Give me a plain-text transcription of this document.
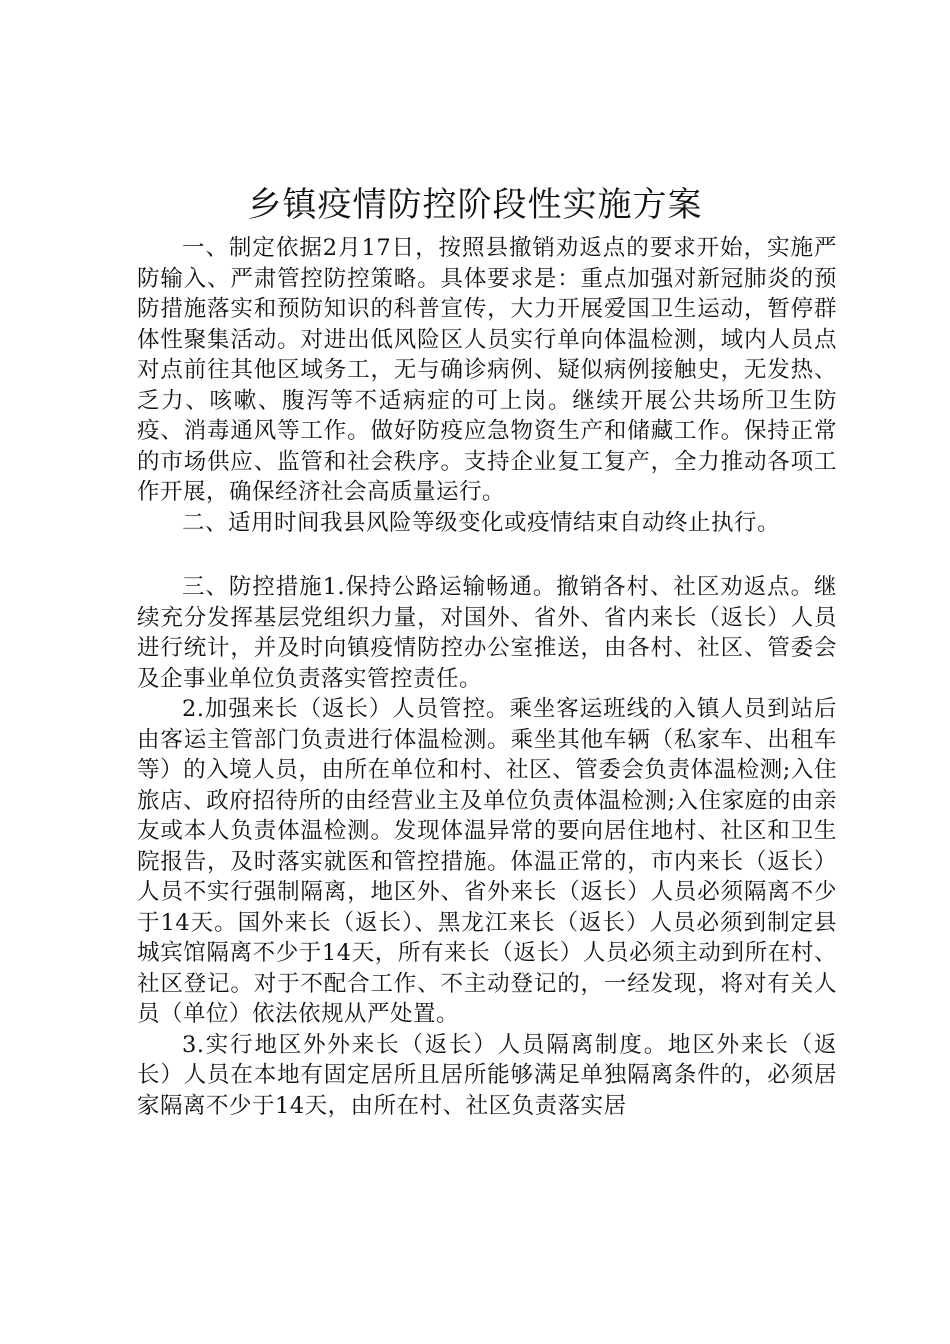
乡镇疫情防控阶段性实施方案

一、制定依据2月17日，按照县撤销劝返点的要求开始，实施严防输入、严肃管控防控策略。具体要求是：重点加强对新冠肺炎的预防措施落实和预防知识的科普宣传，大力开展爱国卫生运动，暂停群体性聚集活动。对进出低风险区人员实行单向体温检测，域内人员点对点前往其他区域务工，无与确诊病例、疑似病例接触史，无发热、乏力、咳嗽、腹泻等不适病症的可上岗。继续开展公共场所卫生防疫、消毒通风等工作。做好防疫应急物资生产和储藏工作。保持正常的市场供应、监管和社会秩序。支持企业复工复产，全力推动各项工作开展，确保经济社会高质量运行。

二、适用时间我县风险等级变化或疫情结束自动终止执行。

三、防控措施1.保持公路运输畅通。撤销各村、社区劝返点。继续充分发挥基层党组织力量，对国外、省外、省内来长（返长）人员进行统计，并及时向镇疫情防控办公室推送，由各村、社区、管委会及企事业单位负责落实管控责任。

2.加强来长（返长）人员管控。乘坐客运班线的入镇人员到站后由客运主管部门负责进行体温检测。乘坐其他车辆（私家车、出租车等）的入境人员，由所在单位和村、社区、管委会负责体温检测;入住旅店、政府招待所的由经营业主及单位负责体温检测;入住家庭的由亲友或本人负责体温检测。发现体温异常的要向居住地村、社区和卫生院报告，及时落实就医和管控措施。体温正常的，市内来长（返长）人员不实行强制隔离，地区外、省外来长（返长）人员必须隔离不少于14天。国外来长（返长）、黑龙江来长（返长）人员必须到制定县城宾馆隔离不少于14天，所有来长（返长）人员必须主动到所在村、社区登记。对于不配合工作、不主动登记的，一经发现，将对有关人员（单位）依法依规从严处置。

3.实行地区外外来长（返长）人员隔离制度。地区外来长（返长）人员在本地有固定居所且居所能够满足单独隔离条件的，必须居家隔离不少于14天，由所在村、社区负责落实居
